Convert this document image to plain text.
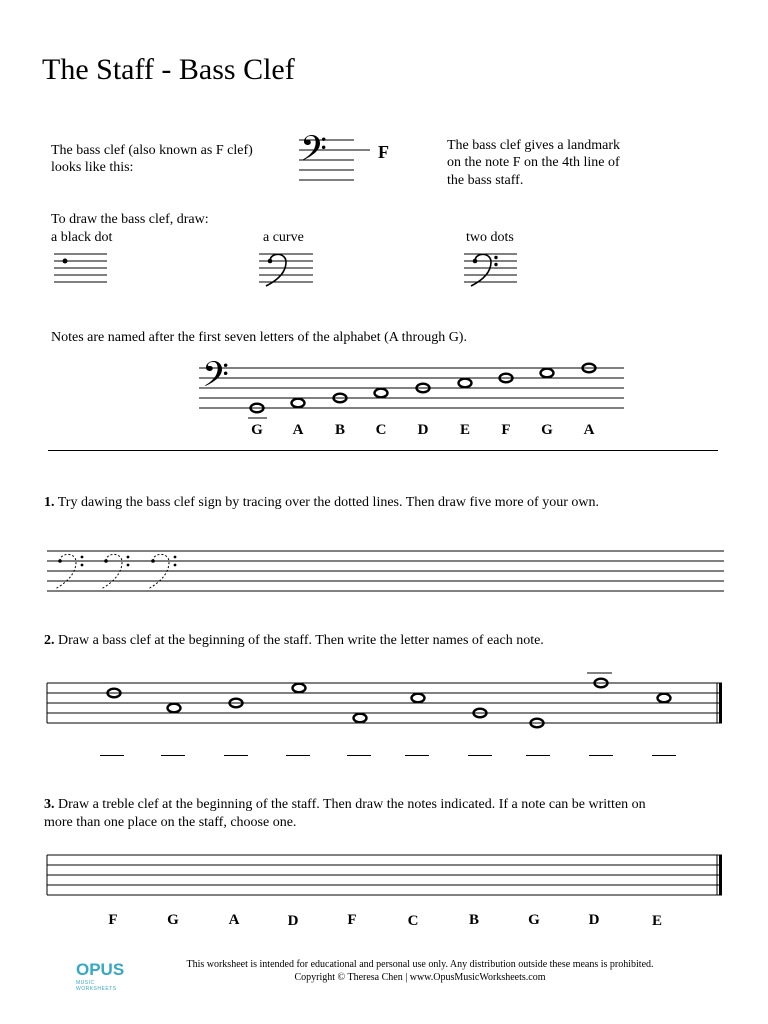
The Staff - Bass Clef
The bass clef (also known as F clef)
looks like this:	𝄢	F	The bass clef gives a landmark
on the note F on the 4th line of
the bass staff.
To draw the bass clef, draw:
a black dot	a curve	two dots
Notes are named after the first seven letters of the alphabet (A through G).
𝄢
G	A	B	C	D	E	F	G	A
1. Try dawing the bass clef sign by tracing over the dotted lines. Then draw five more of your own.
2. Draw a bass clef at the beginning of the staff. Then write the letter names of each note.
3. Draw a treble clef at the beginning of the staff. Then draw the notes indicated. If a note can be written on
more than one place on the staff, choose one.
F	G	A	D	F	C	B	G	D	E
OPUS
MUSIC WORKSHEETS
This worksheet is intended for educational and personal use only. Any distribution outside these means is prohibited.
Copyright © Theresa Chen | www.OpusMusicWorksheets.com
